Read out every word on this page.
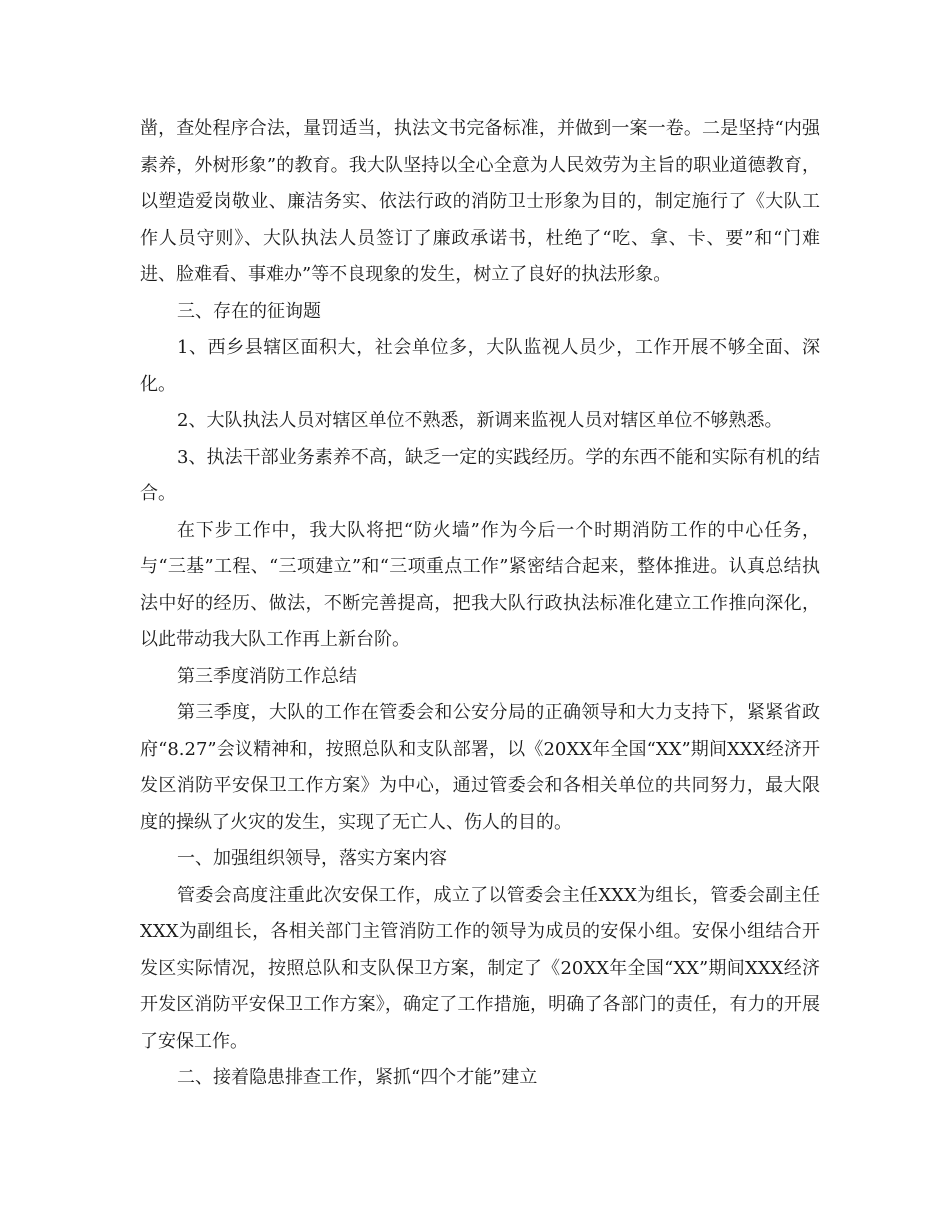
凿，查处程序合法，量罚适当，执法文书完备标准，并做到一案一卷。二是坚持“内强素养，外树形象”的教育。我大队坚持以全心全意为人民效劳为主旨的职业道德教育，以塑造爱岗敬业、廉洁务实、依法行政的消防卫士形象为目的，制定施行了《大队工作人员守则》、大队执法人员签订了廉政承诺书，杜绝了“吃、拿、卡、要”和“门难进、脸难看、事难办”等不良现象的发生，树立了良好的执法形象。

三、存在的征询题

1、西乡县辖区面积大，社会单位多，大队监视人员少，工作开展不够全面、深化。

2、大队执法人员对辖区单位不熟悉，新调来监视人员对辖区单位不够熟悉。

3、执法干部业务素养不高，缺乏一定的实践经历。学的东西不能和实际有机的结合。

在下步工作中，我大队将把“防火墙”作为今后一个时期消防工作的中心任务，与“三基”工程、“三项建立”和“三项重点工作”紧密结合起来，整体推进。认真总结执法中好的经历、做法，不断完善提高，把我大队行政执法标准化建立工作推向深化，以此带动我大队工作再上新台阶。

第三季度消防工作总结

第三季度，大队的工作在管委会和公安分局的正确领导和大力支持下，紧紧省政府“8.27”会议精神和，按照总队和支队部署，以《20XX年全国“XX”期间XXX经济开发区消防平安保卫工作方案》为中心，通过管委会和各相关单位的共同努力，最大限度的操纵了火灾的发生，实现了无亡人、伤人的目的。

一、加强组织领导，落实方案内容

管委会高度注重此次安保工作，成立了以管委会主任XXX为组长，管委会副主任XXX为副组长，各相关部门主管消防工作的领导为成员的安保小组。安保小组结合开发区实际情况，按照总队和支队保卫方案，制定了《20XX年全国“XX”期间XXX经济开发区消防平安保卫工作方案》，确定了工作措施，明确了各部门的责任，有力的开展了安保工作。

二、接着隐患排查工作，紧抓“四个才能”建立
